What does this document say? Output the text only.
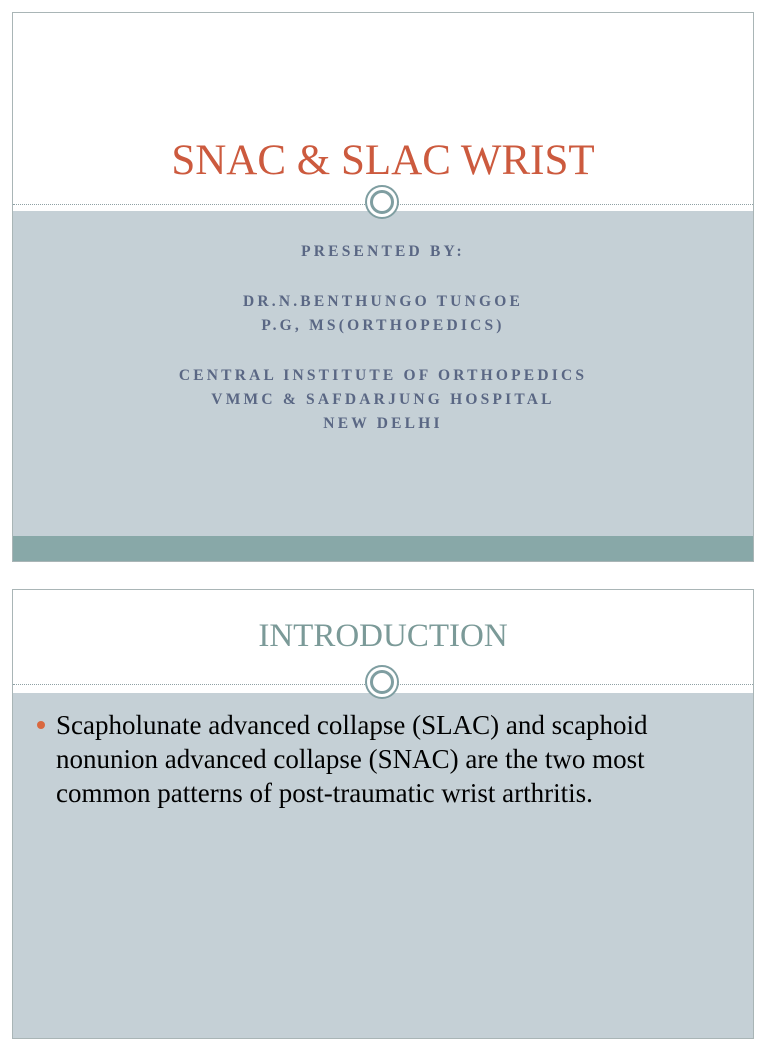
SNAC & SLAC WRIST
PRESENTED BY:
DR.N.BENTHUNGO TUNGOE
P.G, MS(ORTHOPEDICS)
CENTRAL INSTITUTE OF ORTHOPEDICS
VMMC & SAFDARJUNG HOSPITAL
NEW DELHI
INTRODUCTION
Scapholunate advanced collapse (SLAC) and scaphoid nonunion advanced collapse (SNAC) are the two most common patterns of post-traumatic wrist arthritis.
